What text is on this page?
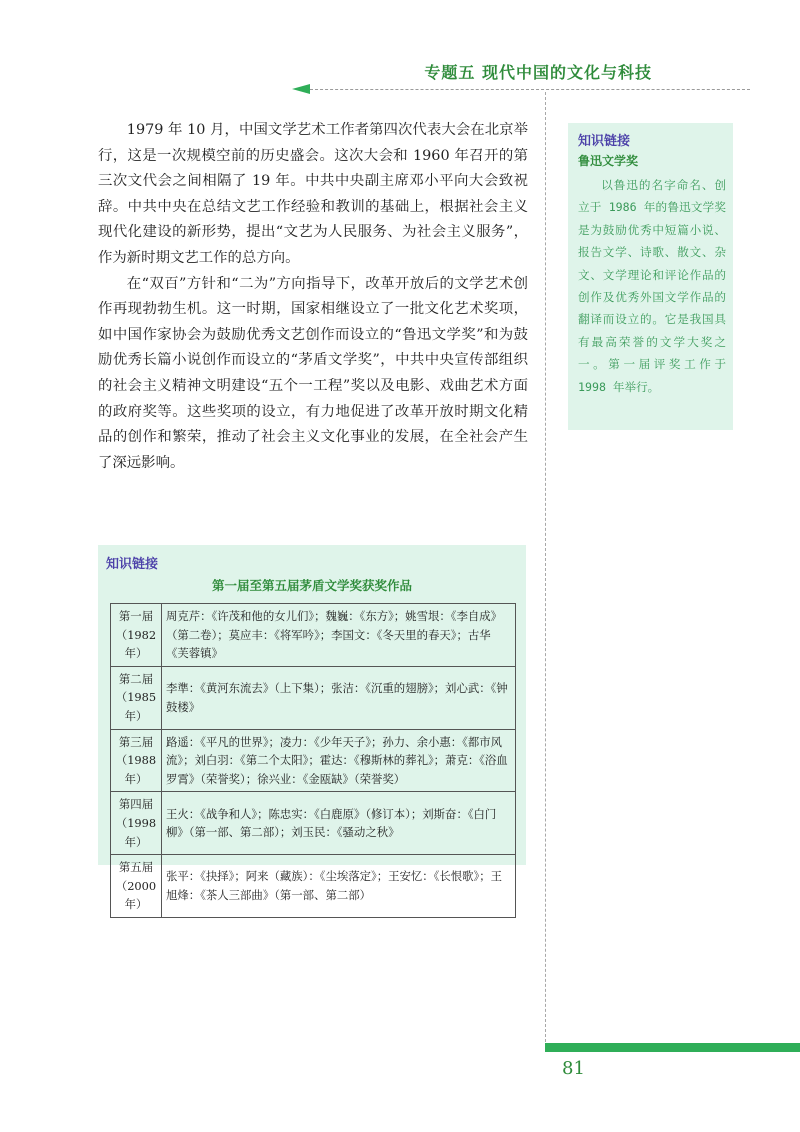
专题五 现代中国的文化与科技

1979 年 10 月，中国文学艺术工作者第四次代表大会在北京举行，这是一次规模空前的历史盛会。这次大会和 1960 年召开的第三次文代会之间相隔了 19 年。中共中央副主席邓小平向大会致祝辞。中共中央在总结文艺工作经验和教训的基础上，根据社会主义现代化建设的新形势，提出“文艺为人民服务、为社会主义服务”，作为新时期文艺工作的总方向。

在“双百”方针和“二为”方向指导下，改革开放后的文学艺术创作再现勃勃生机。这一时期，国家相继设立了一批文化艺术奖项，如中国作家协会为鼓励优秀文艺创作而设立的“鲁迅文学奖”和为鼓励优秀长篇小说创作而设立的“茅盾文学奖”，中共中央宣传部组织的社会主义精神文明建设“五个一工程”奖以及电影、戏曲艺术方面的政府奖等。这些奖项的设立，有力地促进了改革开放时期文化精品的创作和繁荣，推动了社会主义文化事业的发展，在全社会产生了深远影响。

知识链接
鲁迅文学奖
以鲁迅的名字命名、创立于 1986 年的鲁迅文学奖是为鼓励优秀中短篇小说、报告文学、诗歌、散文、杂文、文学理论和评论作品的创作及优秀外国文学作品的翻译而设立的。它是我国具有最高荣誉的文学大奖之一。第一届评奖工作于 1998 年举行。
知识链接
第一届至第五届茅盾文学奖获奖作品
第一届
（1982 年）	周克芹：《许茂和他的女儿们》；魏巍：《东方》；姚雪垠：《李自成》（第二卷）；莫应丰：《将军吟》；李国文：《冬天里的春天》；古华《芙蓉镇》
第二届
（1985 年）	李準：《黄河东流去》（上下集）；张洁：《沉重的翅膀》；刘心武：《钟鼓楼》
第三届
（1988 年）	路遥：《平凡的世界》；凌力：《少年天子》；孙力、余小惠：《都市风流》；刘白羽：《第二个太阳》；霍达：《穆斯林的葬礼》；萧克：《浴血罗霄》（荣誉奖）；徐兴业：《金瓯缺》（荣誉奖）
第四届
（1998 年）	王火：《战争和人》；陈忠实：《白鹿原》（修订本）；刘斯奋：《白门柳》（第一部、第二部）；刘玉民：《骚动之秋》
第五届
（2000 年）	张平：《抉择》；阿来（藏族）：《尘埃落定》；王安忆：《长恨歌》；王旭烽：《茶人三部曲》（第一部、第二部）
81
